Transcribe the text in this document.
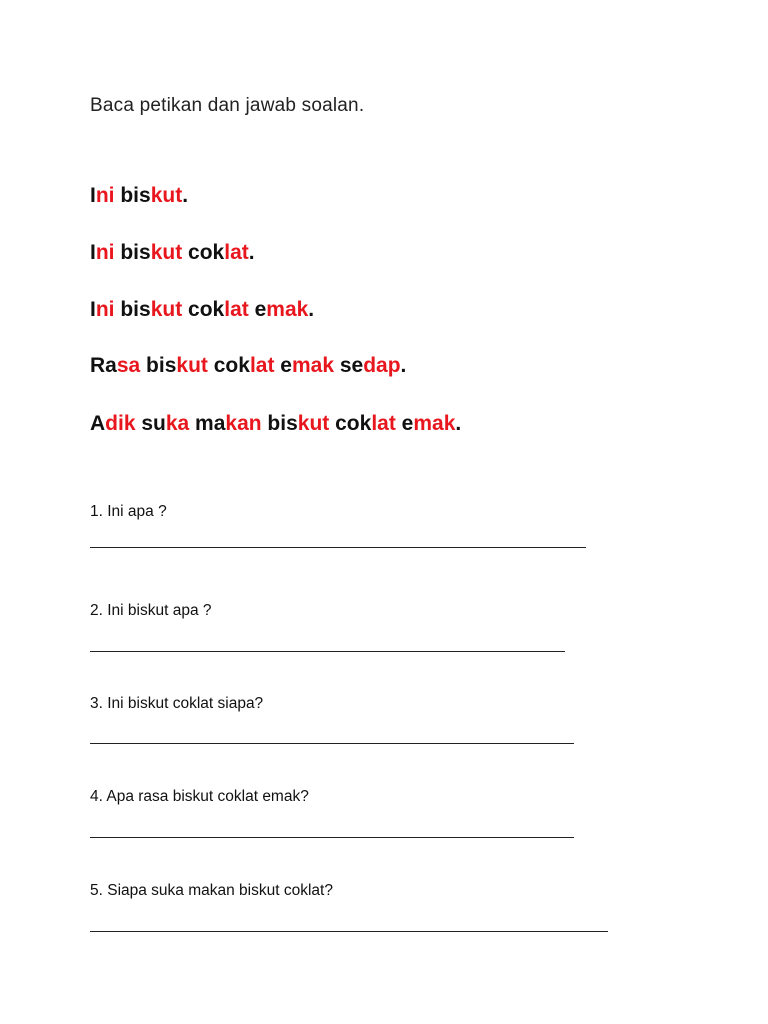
Baca petikan dan jawab soalan.
Ini biskut.
Ini biskut coklat.
Ini biskut coklat emak.
Rasa biskut coklat emak sedap.
Adik suka makan biskut coklat emak.
1. Ini apa ?
2. Ini biskut apa ?
3. Ini biskut coklat siapa?
4. Apa rasa biskut coklat emak?
5. Siapa suka makan biskut coklat?
